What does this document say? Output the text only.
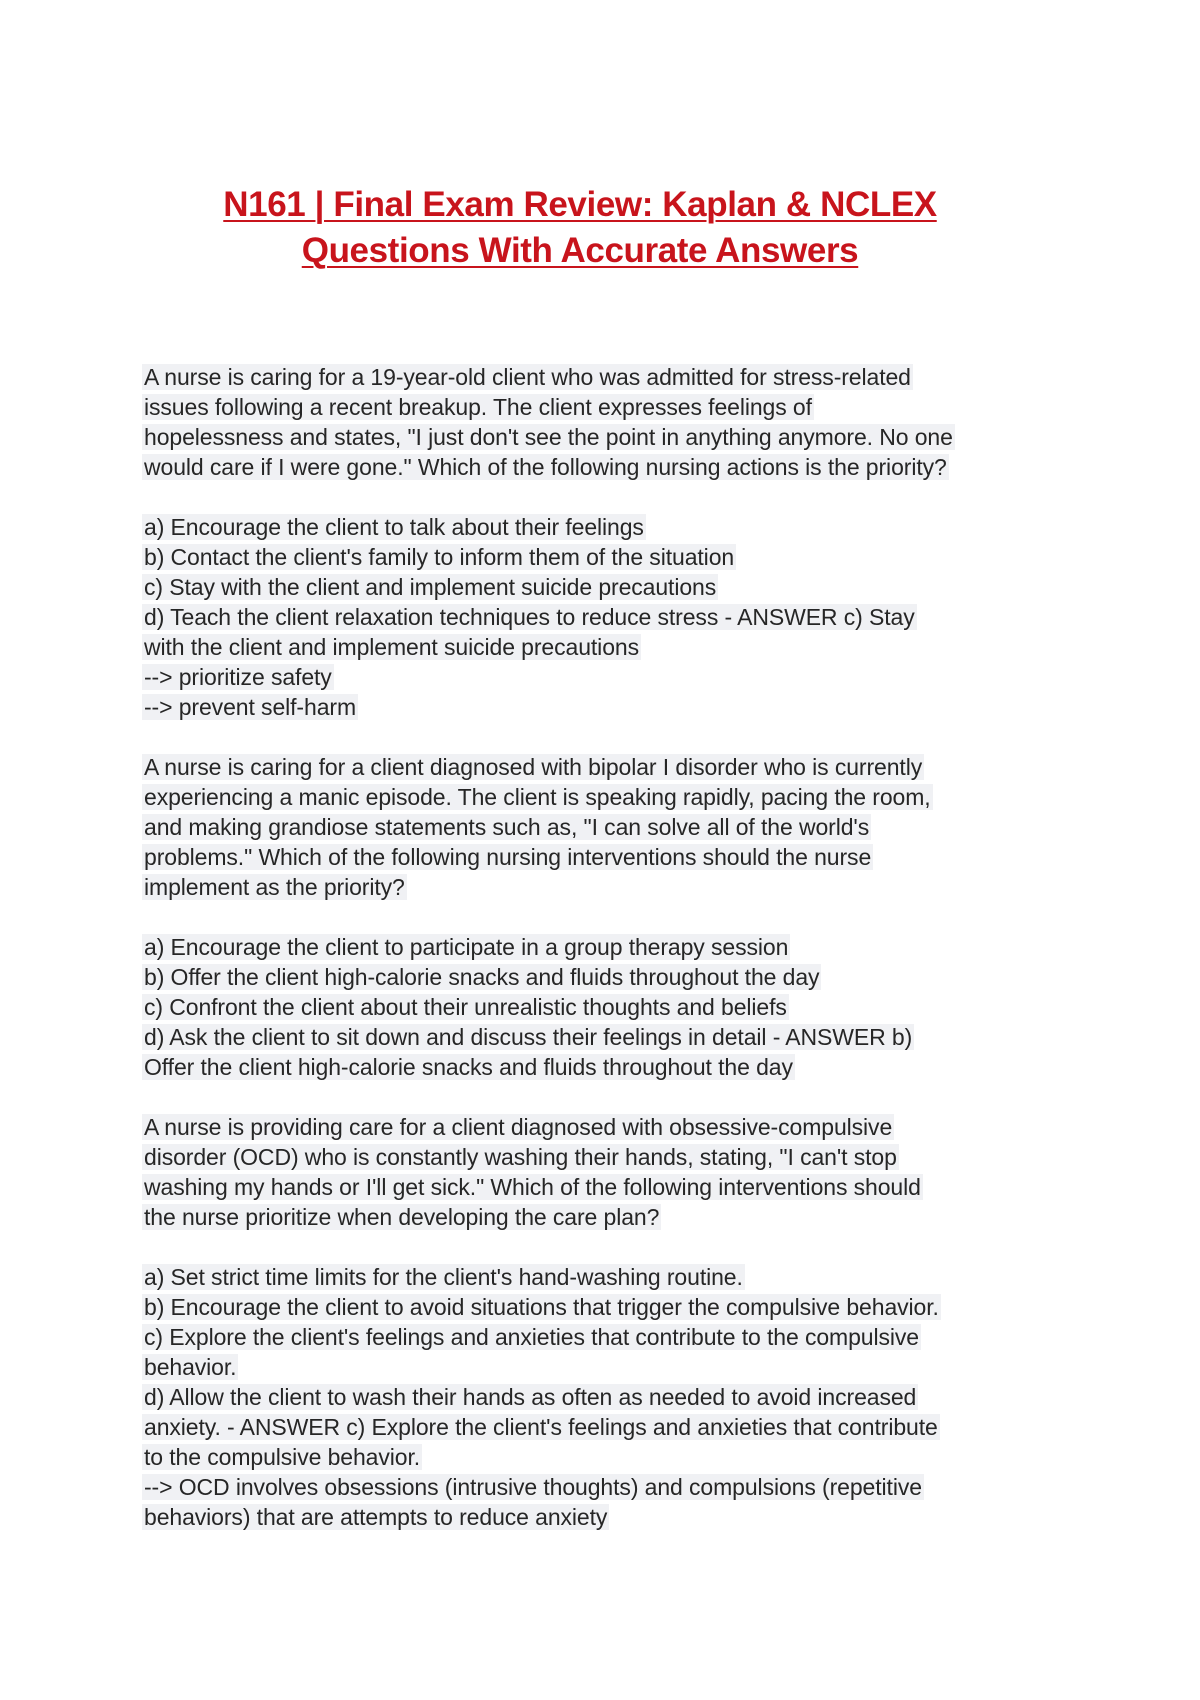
N161 | Final Exam Review: Kaplan & NCLEX
Questions With Accurate Answers
A nurse is caring for a 19-year-old client who was admitted for stress-related
issues following a recent breakup. The client expresses feelings of
hopelessness and states, "I just don't see the point in anything anymore. No one
would care if I were gone." Which of the following nursing actions is the priority?
a) Encourage the client to talk about their feelings
b) Contact the client's family to inform them of the situation
c) Stay with the client and implement suicide precautions
d) Teach the client relaxation techniques to reduce stress - ANSWER c) Stay
with the client and implement suicide precautions
--> prioritize safety
--> prevent self-harm
A nurse is caring for a client diagnosed with bipolar I disorder who is currently
experiencing a manic episode. The client is speaking rapidly, pacing the room,
and making grandiose statements such as, "I can solve all of the world's
problems." Which of the following nursing interventions should the nurse
implement as the priority?
a) Encourage the client to participate in a group therapy session
b) Offer the client high-calorie snacks and fluids throughout the day
c) Confront the client about their unrealistic thoughts and beliefs
d) Ask the client to sit down and discuss their feelings in detail - ANSWER b)
Offer the client high-calorie snacks and fluids throughout the day
A nurse is providing care for a client diagnosed with obsessive-compulsive
disorder (OCD) who is constantly washing their hands, stating, "I can't stop
washing my hands or I'll get sick." Which of the following interventions should
the nurse prioritize when developing the care plan?
a) Set strict time limits for the client's hand-washing routine.
b) Encourage the client to avoid situations that trigger the compulsive behavior.
c) Explore the client's feelings and anxieties that contribute to the compulsive
behavior.
d) Allow the client to wash their hands as often as needed to avoid increased
anxiety. - ANSWER c) Explore the client's feelings and anxieties that contribute
to the compulsive behavior.
--> OCD involves obsessions (intrusive thoughts) and compulsions (repetitive
behaviors) that are attempts to reduce anxiety
